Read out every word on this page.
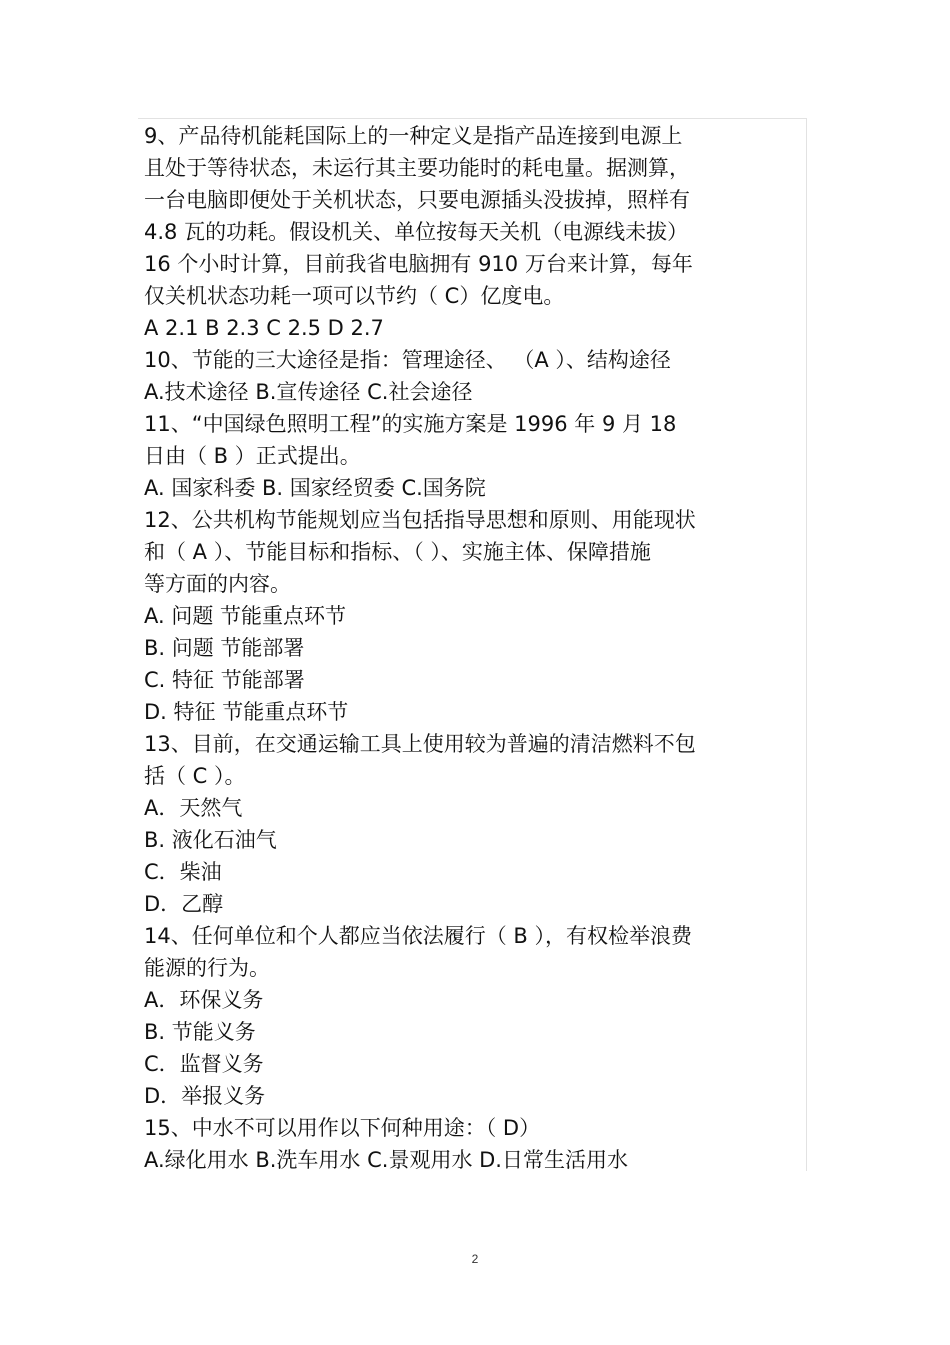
9、产品待机能耗国际上的一种定义是指产品连接到电源上
且处于等待状态，未运行其主要功能时的耗电量。据测算，
一台电脑即便处于关机状态，只要电源插头没拔掉，照样有
4.8 瓦的功耗。假设机关、单位按每天关机（电源线未拔）
16 个小时计算，目前我省电脑拥有 910 万台来计算，每年
仅关机状态功耗一项可以节约（ C）亿度电。
A 2.1 B 2.3 C 2.5 D 2.7
10、节能的三大途径是指：管理途径、 （A ）、结构途径
A.技术途径 B.宣传途径 C.社会途径
11、“中国绿色照明工程”的实施方案是 1996 年 9 月 18
日由（ B ）正式提出。
A. 国家科委 B. 国家经贸委 C.国务院
12、公共机构节能规划应当包括指导思想和原则、用能现状
和（ A ）、节能目标和指标、（ ）、实施主体、保障措施
等方面的内容。
A. 问题 节能重点环节
B. 问题 节能部署
C. 特征 节能部署
D. 特征 节能重点环节
13、目前，在交通运输工具上使用较为普遍的清洁燃料不包
括（ C ）。
A．天然气
B. 液化石油气
C．柴油
D．乙醇
14、任何单位和个人都应当依法履行（ B ），有权检举浪费
能源的行为。
A．环保义务
B. 节能义务
C．监督义务
D．举报义务
15、中水不可以用作以下何种用途：（ D）
A.绿化用水 B.洗车用水 C.景观用水 D.日常生活用水
2
